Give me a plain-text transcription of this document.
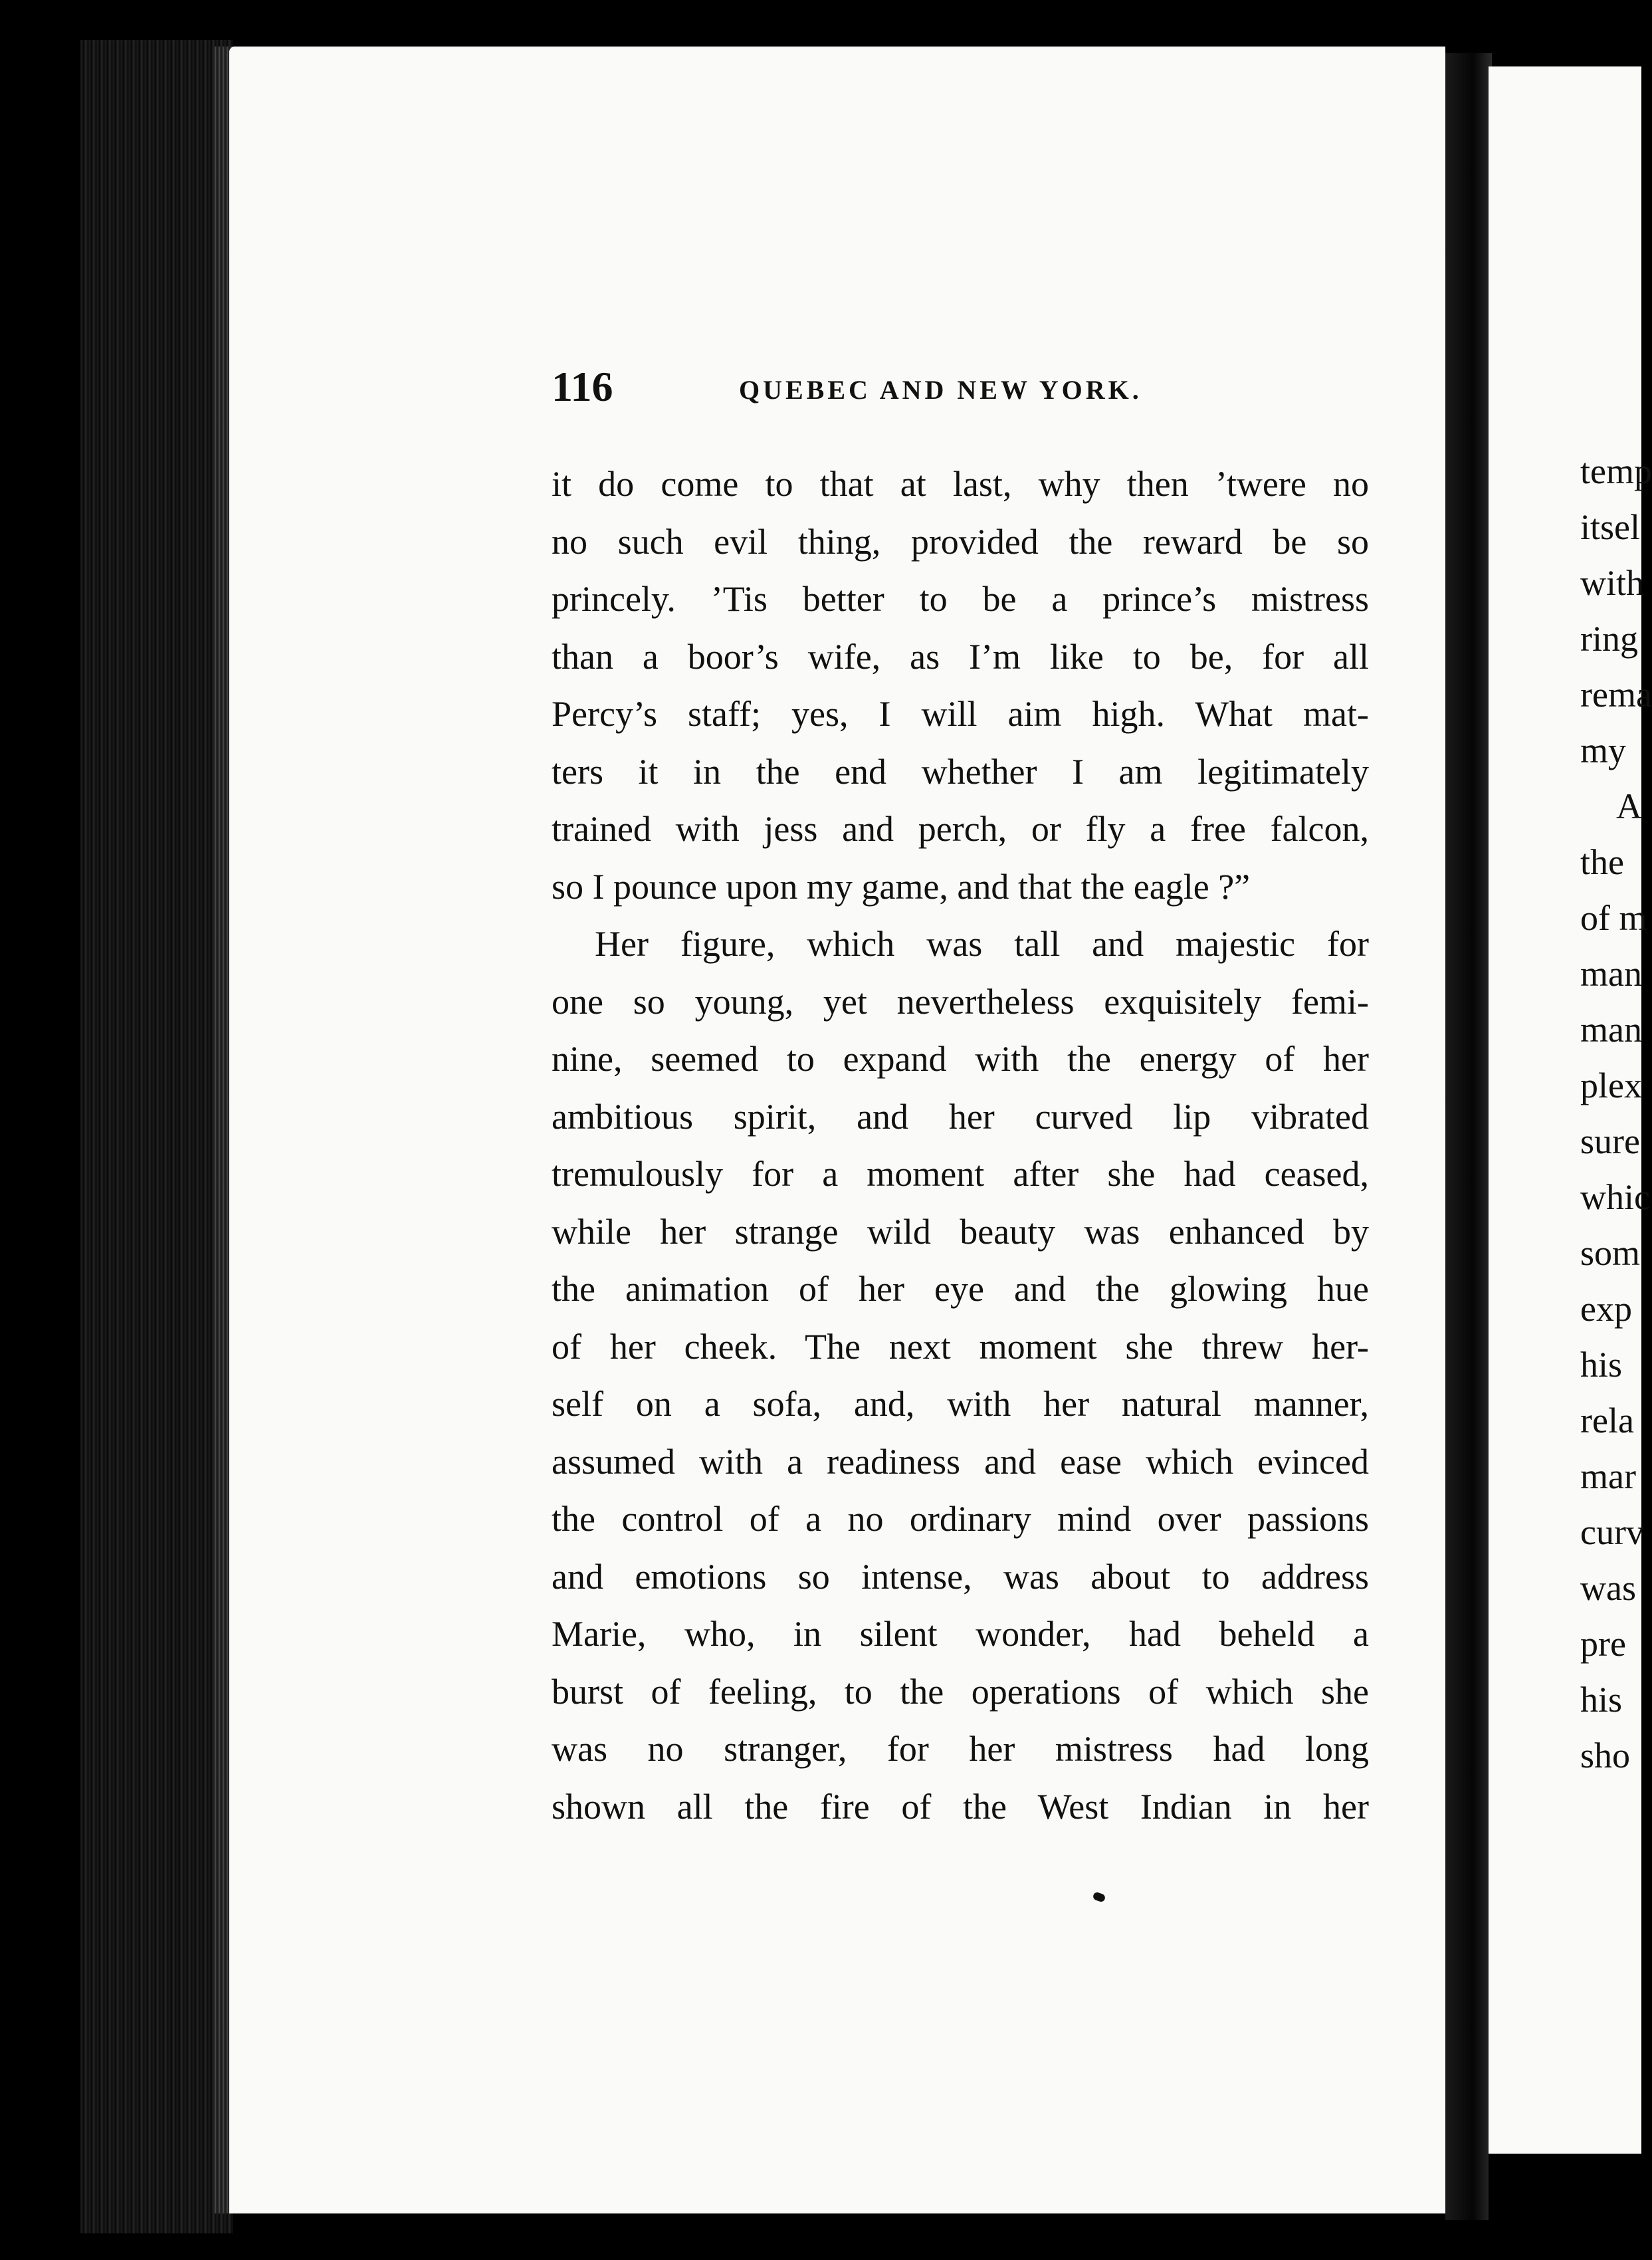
116	QUEBEC AND NEW YORK.
it do come to that at last, why then ’twere no
no such evil thing, provided the reward be so
princely. ’Tis better to be a prince’s mistress
than a boor’s wife, as I’m like to be, for all
Percy’s staff; yes, I will aim high. What mat-
ters it in the end whether I am legitimately
trained with jess and perch, or fly a free falcon,
so I pounce upon my game, and that the eagle ?”
Her figure, which was tall and majestic for
one so young, yet nevertheless exquisitely femi-
nine, seemed to expand with the energy of her
ambitious spirit, and her curved lip vibrated
tremulously for a moment after she had ceased,
while her strange wild beauty was enhanced by
the animation of her eye and the glowing hue
of her cheek. The next moment she threw her-
self on a sofa, and, with her natural manner,
assumed with a readiness and ease which evinced
the control of a no ordinary mind over passions
and emotions so intense, was about to address
Marie, who, in silent wonder, had beheld a
burst of feeling, to the operations of which she
was no stranger, for her mistress had long
shown all the fire of the West Indian in her
temp
itsel
with
ring
rema
my
A
the
of m
man
man
plex
sure
whic
som
exp
his
rela
mar
curv
was
pre
his
sho
